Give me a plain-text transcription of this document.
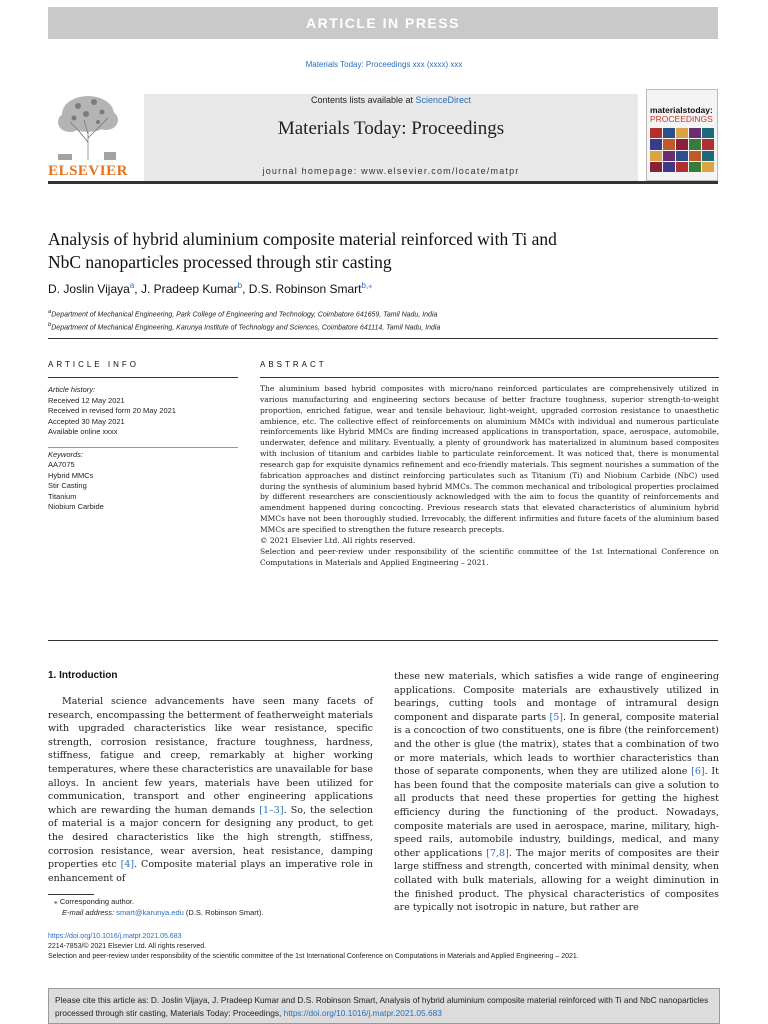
ARTICLE IN PRESS
Materials Today: Proceedings xxx (xxxx) xxx
ELSEVIER
Contents lists available at ScienceDirect
Materials Today: Proceedings
journal homepage: www.elsevier.com/locate/matpr
materialstoday:
PROCEEDINGS
Analysis of hybrid aluminium composite material reinforced with Ti and
NbC nanoparticles processed through stir casting
D. Joslin Vijaya$^a$, J. Pradeep Kumar$^b$, D.S. Robinson Smart$^{b,⁎}$
$^a$Department of Mechanical Engineering, Park College of Engineering and Technology, Coimbatore 641659, Tamil Nadu, India
$^b$Department of Mechanical Engineering, Karunya Institute of Technology and Sciences, Coimbatore 641114, Tamil Nadu, India
ARTICLE INFO	ABSTRACT
Article history:
Received 12 May 2021
Received in revised form 20 May 2021
Accepted 30 May 2021
Available online xxxx
Keywords:
AA7075
Hybrid MMCs
Stir Casting
Titanium
Niobium Carbide

The aluminium based hybrid composites with micro/nano reinforced particulates are comprehensively utilized in various manufacturing and engineering sectors because of better fracture toughness, superior strength-to-weight proportion, enriched fatigue, wear and tensile behaviour, light-weight, upgraded corrosion resistance to unaesthetic ambience, etc. The collective effect of reinforcements on aluminium MMCs with individual and numerous particulate reinforcements like Hybrid MMCs are finding increased applications in transportation, space, aerospace, automobile, underwater, defence and military. Eventually, a plenty of groundwork has materialized in aluminum based composites with inclusion of titanium and carbides liable to particulate reinforcement. It was noticed that, there is monumental research gap for exquisite dynamics refinement and eco-friendly materials. This segment nourishes a summation of the fabrication approaches and distinct reinforcing particulates such as Titanium (Ti) and Niobium Carbide (NbC) used during the synthesis of aluminium based hybrid MMCs. The common mechanical and tribological properties proclaimed by different researchers are conscientiously acknowledged with the aim to focus the quantity of reinforcements and amendment happened during concocting. Previous research stats that elevated characteristics of aluminium hybrid MMCs have not been thoroughly studied. Irrevocably, the different infirmities and future facets of the aluminium based MMCs are specified to strengthen the future research precepts.

© 2021 Elsevier Ltd. All rights reserved.

Selection and peer-review under responsibility of the scientific committee of the 1st International Conference on Computations in Materials and Applied Engineering – 2021.

1. Introduction
Material science advancements have seen many facets of research, encompassing the betterment of featherweight materials with upgraded characteristics like wear resistance, specific strength, corrosion resistance, fracture toughness, hardness, stiffness, fatigue and creep, remarkably at higher working temperatures, where these characteristics are unavailable for base alloys. In ancient few years, materials have been utilized for communication, transport and other engineering applications which are rewarding the human demands [1–3]. So, the selection of material is a major concern for designing any product, to get the desired characteristics like the high strength, stiffness, corrosion resistance, wear aversion, heat resistance, damping properties etc [4]. Composite material plays an imperative role in enhancement of
these new materials, which satisfies a wide range of engineering applications. Composite materials are exhaustively utilized in bearings, cutting tools and montage of intramural design component and disparate parts [5]. In general, composite material is a concoction of two constituents, one is fibre (the reinforcement) and the other is glue (the matrix), states that a combination of two or more materials, which leads to worthier characteristics than those of separate components, when they are utilized alone [6]. It has been found that the composite materials can give a solution to all products that need these properties for getting the highest efficiency during the functioning of the product. Nowadays, composite materials are used in aerospace, marine, military, high-speed rails, automobile industry, buildings, medical, and many other applications [7,8]. The major merits of composites are their large stiffness and strength, concerted with minimal density, when collated with bulk materials, allowing for a weight diminution in the finished product. The physical characteristics of composites are typically not isotropic in nature, but rather are
⁎ Corresponding author.
E-mail address: smart@karunya.edu (D.S. Robinson Smart).
https://doi.org/10.1016/j.matpr.2021.05.683
2214-7853/© 2021 Elsevier Ltd. All rights reserved.
Selection and peer-review under responsibility of the scientific committee of the 1st International Conference on Computations in Materials and Applied Engineering – 2021.
Please cite this article as: D. Joslin Vijaya, J. Pradeep Kumar and D.S. Robinson Smart, Analysis of hybrid aluminium composite material reinforced with Ti and NbC nanoparticles processed through stir casting, Materials Today: Proceedings, https://doi.org/10.1016/j.matpr.2021.05.683
